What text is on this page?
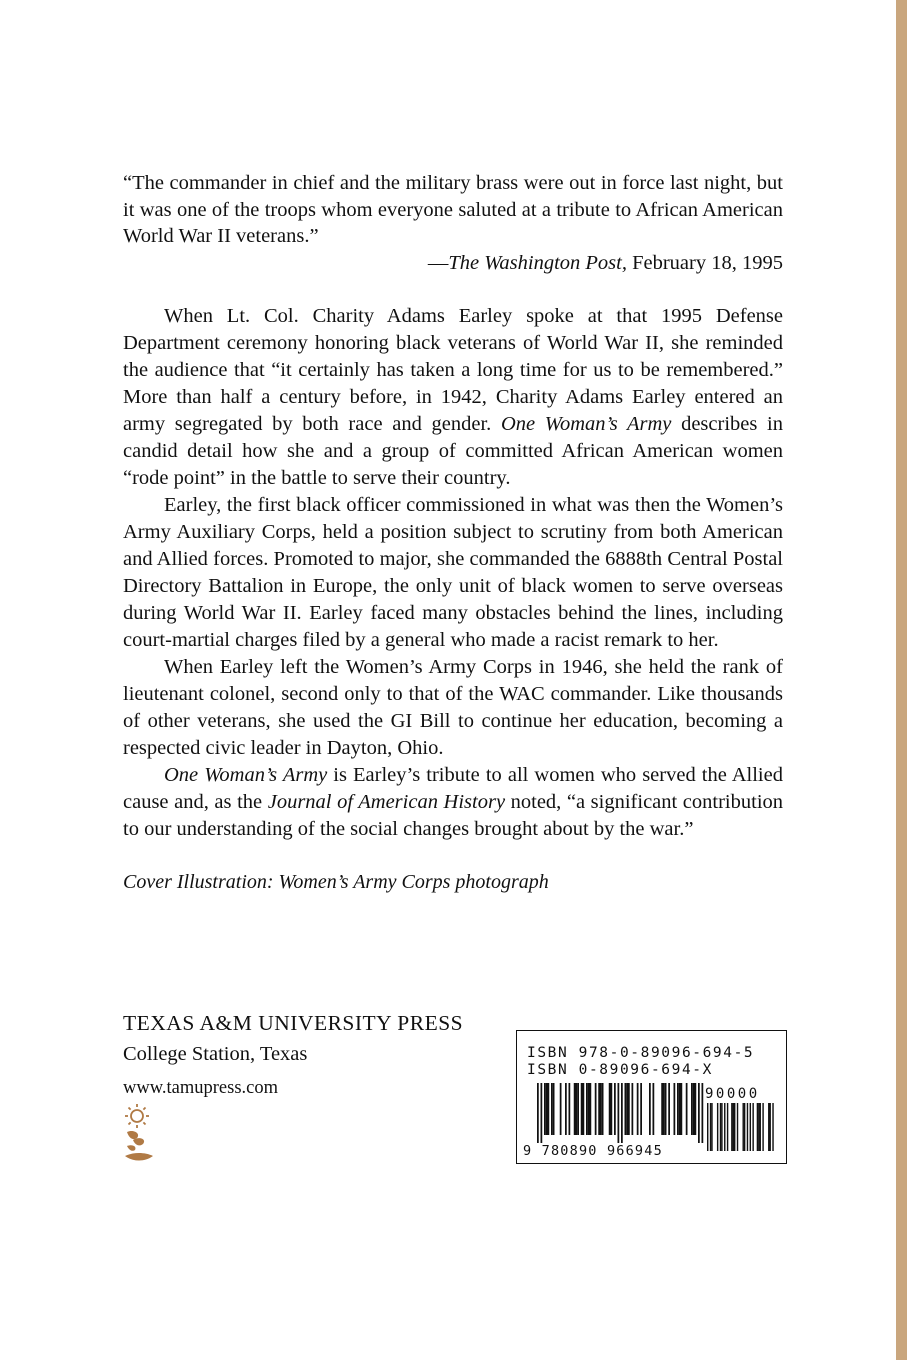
“The commander in chief and the military brass were out in force last night, but it was one of the troops whom everyone saluted at a tribute to African American World War II veterans.”

—The Washington Post, February 18, 1995

When Lt. Col. Charity Adams Earley spoke at that 1995 Defense Department ceremony honoring black veterans of World War II, she reminded the audience that “it certainly has taken a long time for us to be remembered.” More than half a century before, in 1942, Charity Adams Earley entered an army segregated by both race and gender. One Woman’s Army describes in candid detail how she and a group of committed African American women “rode point” in the battle to serve their country.

Earley, the first black officer commissioned in what was then the Women’s Army Auxiliary Corps, held a position subject to scrutiny from both American and Allied forces. Promoted to major, she commanded the 6888th Central Postal Directory Battalion in Europe, the only unit of black women to serve overseas during World War II. Earley faced many obstacles behind the lines, including court-martial charges filed by a general who made a racist remark to her.

When Earley left the Women’s Army Corps in 1946, she held the rank of lieutenant colonel, second only to that of the WAC commander. Like thousands of other veterans, she used the GI Bill to continue her education, becoming a respected civic leader in Dayton, Ohio.

One Woman’s Army is Earley’s tribute to all women who served the Allied cause and, as the Journal of American History noted, “a significant contribution to our understanding of the social changes brought about by the war.”

Cover Illustration: Women’s Army Corps photograph
TEXAS A&M UNIVERSITY PRESS
College Station, Texas
www.tamupress.com
ISBN 978-0-89096-694-5
ISBN 0-89096-694-X
90000
9 780890 966945
